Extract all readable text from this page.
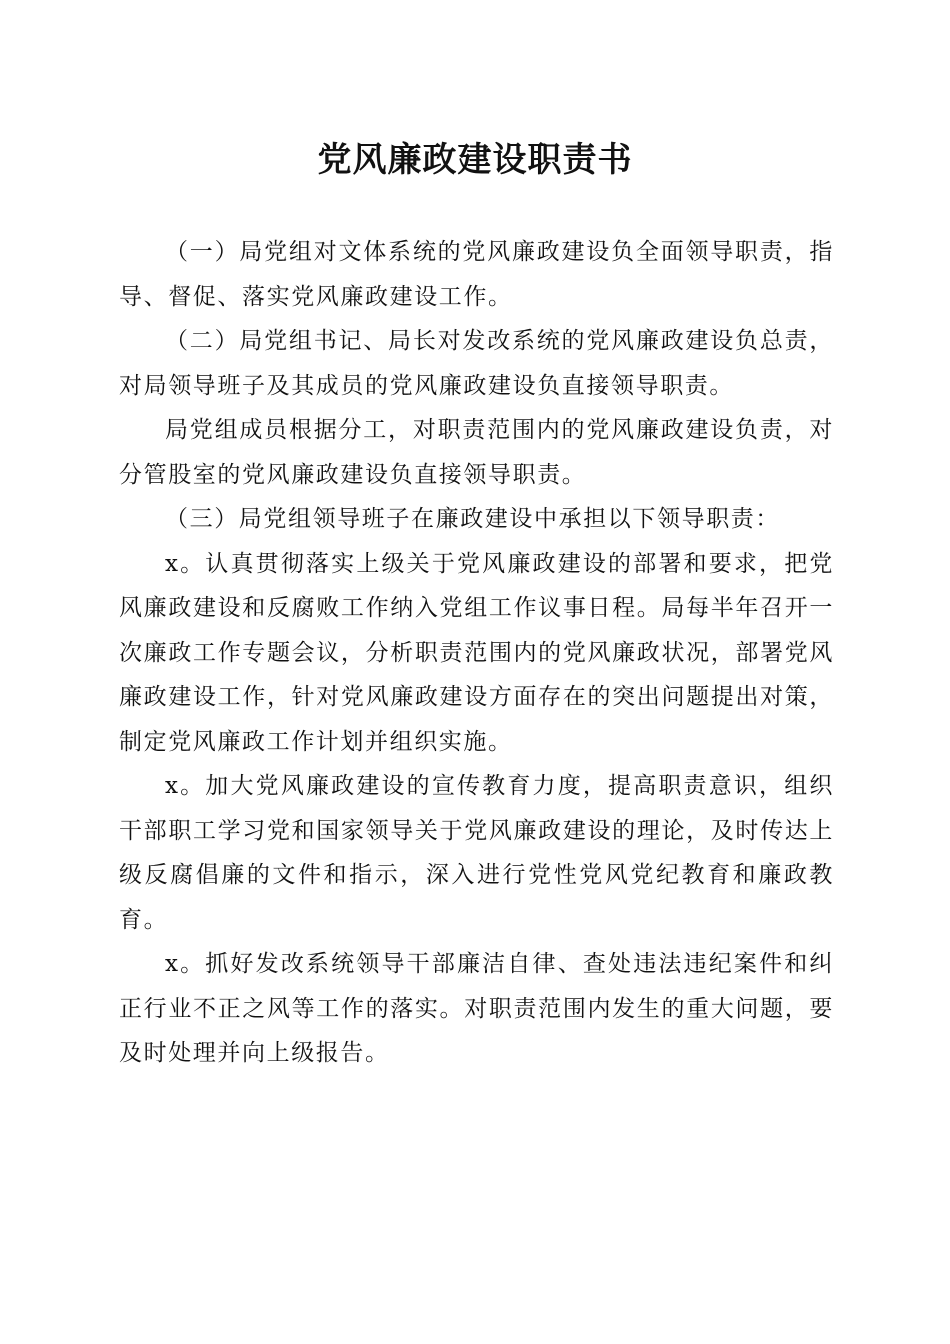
党风廉政建设职责书

（一）局党组对文体系统的党风廉政建设负全面领导职责，指导、督促、落实党风廉政建设工作。

（二）局党组书记、局长对发改系统的党风廉政建设负总责，对局领导班子及其成员的党风廉政建设负直接领导职责。

局党组成员根据分工，对职责范围内的党风廉政建设负责，对分管股室的党风廉政建设负直接领导职责。

（三）局党组领导班子在廉政建设中承担以下领导职责：

x。认真贯彻落实上级关于党风廉政建设的部署和要求，把党风廉政建设和反腐败工作纳入党组工作议事日程。局每半年召开一次廉政工作专题会议，分析职责范围内的党风廉政状况，部署党风廉政建设工作，针对党风廉政建设方面存在的突出问题提出对策，制定党风廉政工作计划并组织实施。

x。加大党风廉政建设的宣传教育力度，提高职责意识，组织干部职工学习党和国家领导关于党风廉政建设的理论，及时传达上级反腐倡廉的文件和指示，深入进行党性党风党纪教育和廉政教育。

x。抓好发改系统领导干部廉洁自律、查处违法违纪案件和纠正行业不正之风等工作的落实。对职责范围内发生的重大问题，要及时处理并向上级报告。
